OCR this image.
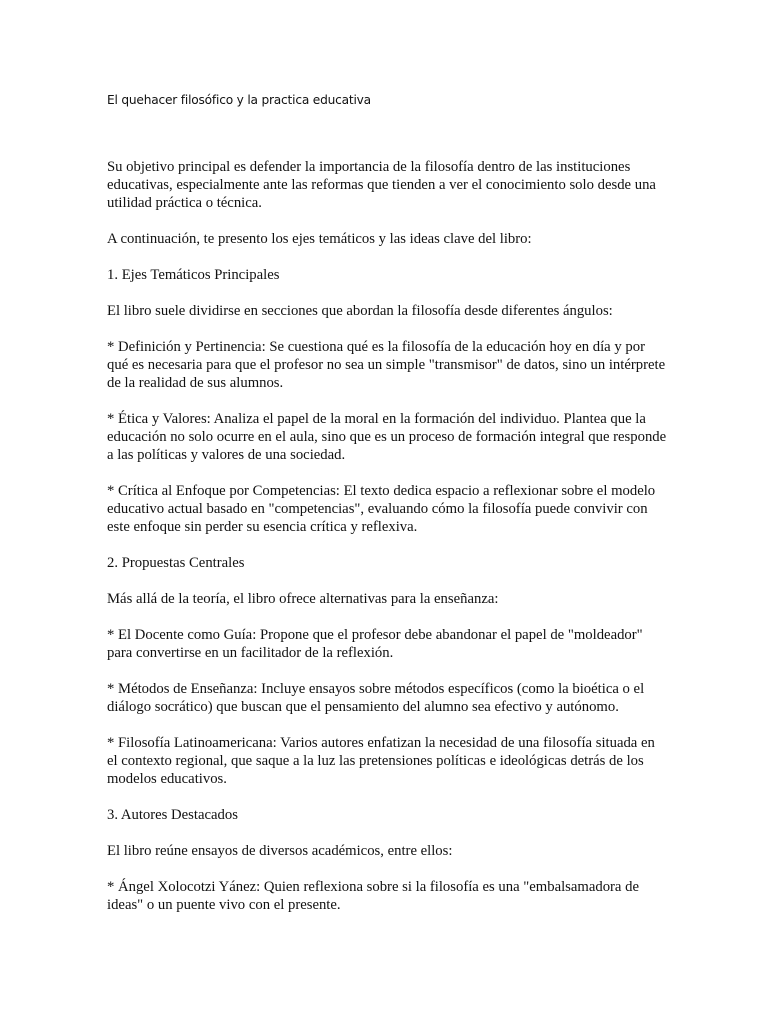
El quehacer filosófico y la practica educativa

Su objetivo principal es defender la importancia de la filosofía dentro de las instituciones educativas, especialmente ante las reformas que tienden a ver el conocimiento solo desde una utilidad práctica o técnica.

A continuación, te presento los ejes temáticos y las ideas clave del libro:

1. Ejes Temáticos Principales

El libro suele dividirse en secciones que abordan la filosofía desde diferentes ángulos:

* Definición y Pertinencia: Se cuestiona qué es la filosofía de la educación hoy en día y por qué es necesaria para que el profesor no sea un simple "transmisor" de datos, sino un intérprete de la realidad de sus alumnos.

* Ética y Valores: Analiza el papel de la moral en la formación del individuo. Plantea que la educación no solo ocurre en el aula, sino que es un proceso de formación integral que responde a las políticas y valores de una sociedad.

* Crítica al Enfoque por Competencias: El texto dedica espacio a reflexionar sobre el modelo educativo actual basado en "competencias", evaluando cómo la filosofía puede convivir con este enfoque sin perder su esencia crítica y reflexiva.

2. Propuestas Centrales

Más allá de la teoría, el libro ofrece alternativas para la enseñanza:

* El Docente como Guía: Propone que el profesor debe abandonar el papel de "moldeador" para convertirse en un facilitador de la reflexión.

* Métodos de Enseñanza: Incluye ensayos sobre métodos específicos (como la bioética o el diálogo socrático) que buscan que el pensamiento del alumno sea efectivo y autónomo.

* Filosofía Latinoamericana: Varios autores enfatizan la necesidad de una filosofía situada en el contexto regional, que saque a la luz las pretensiones políticas e ideológicas detrás de los modelos educativos.

3. Autores Destacados

El libro reúne ensayos de diversos académicos, entre ellos:

* Ángel Xolocotzi Yánez: Quien reflexiona sobre si la filosofía es una "embalsamadora de ideas" o un puente vivo con el presente.
